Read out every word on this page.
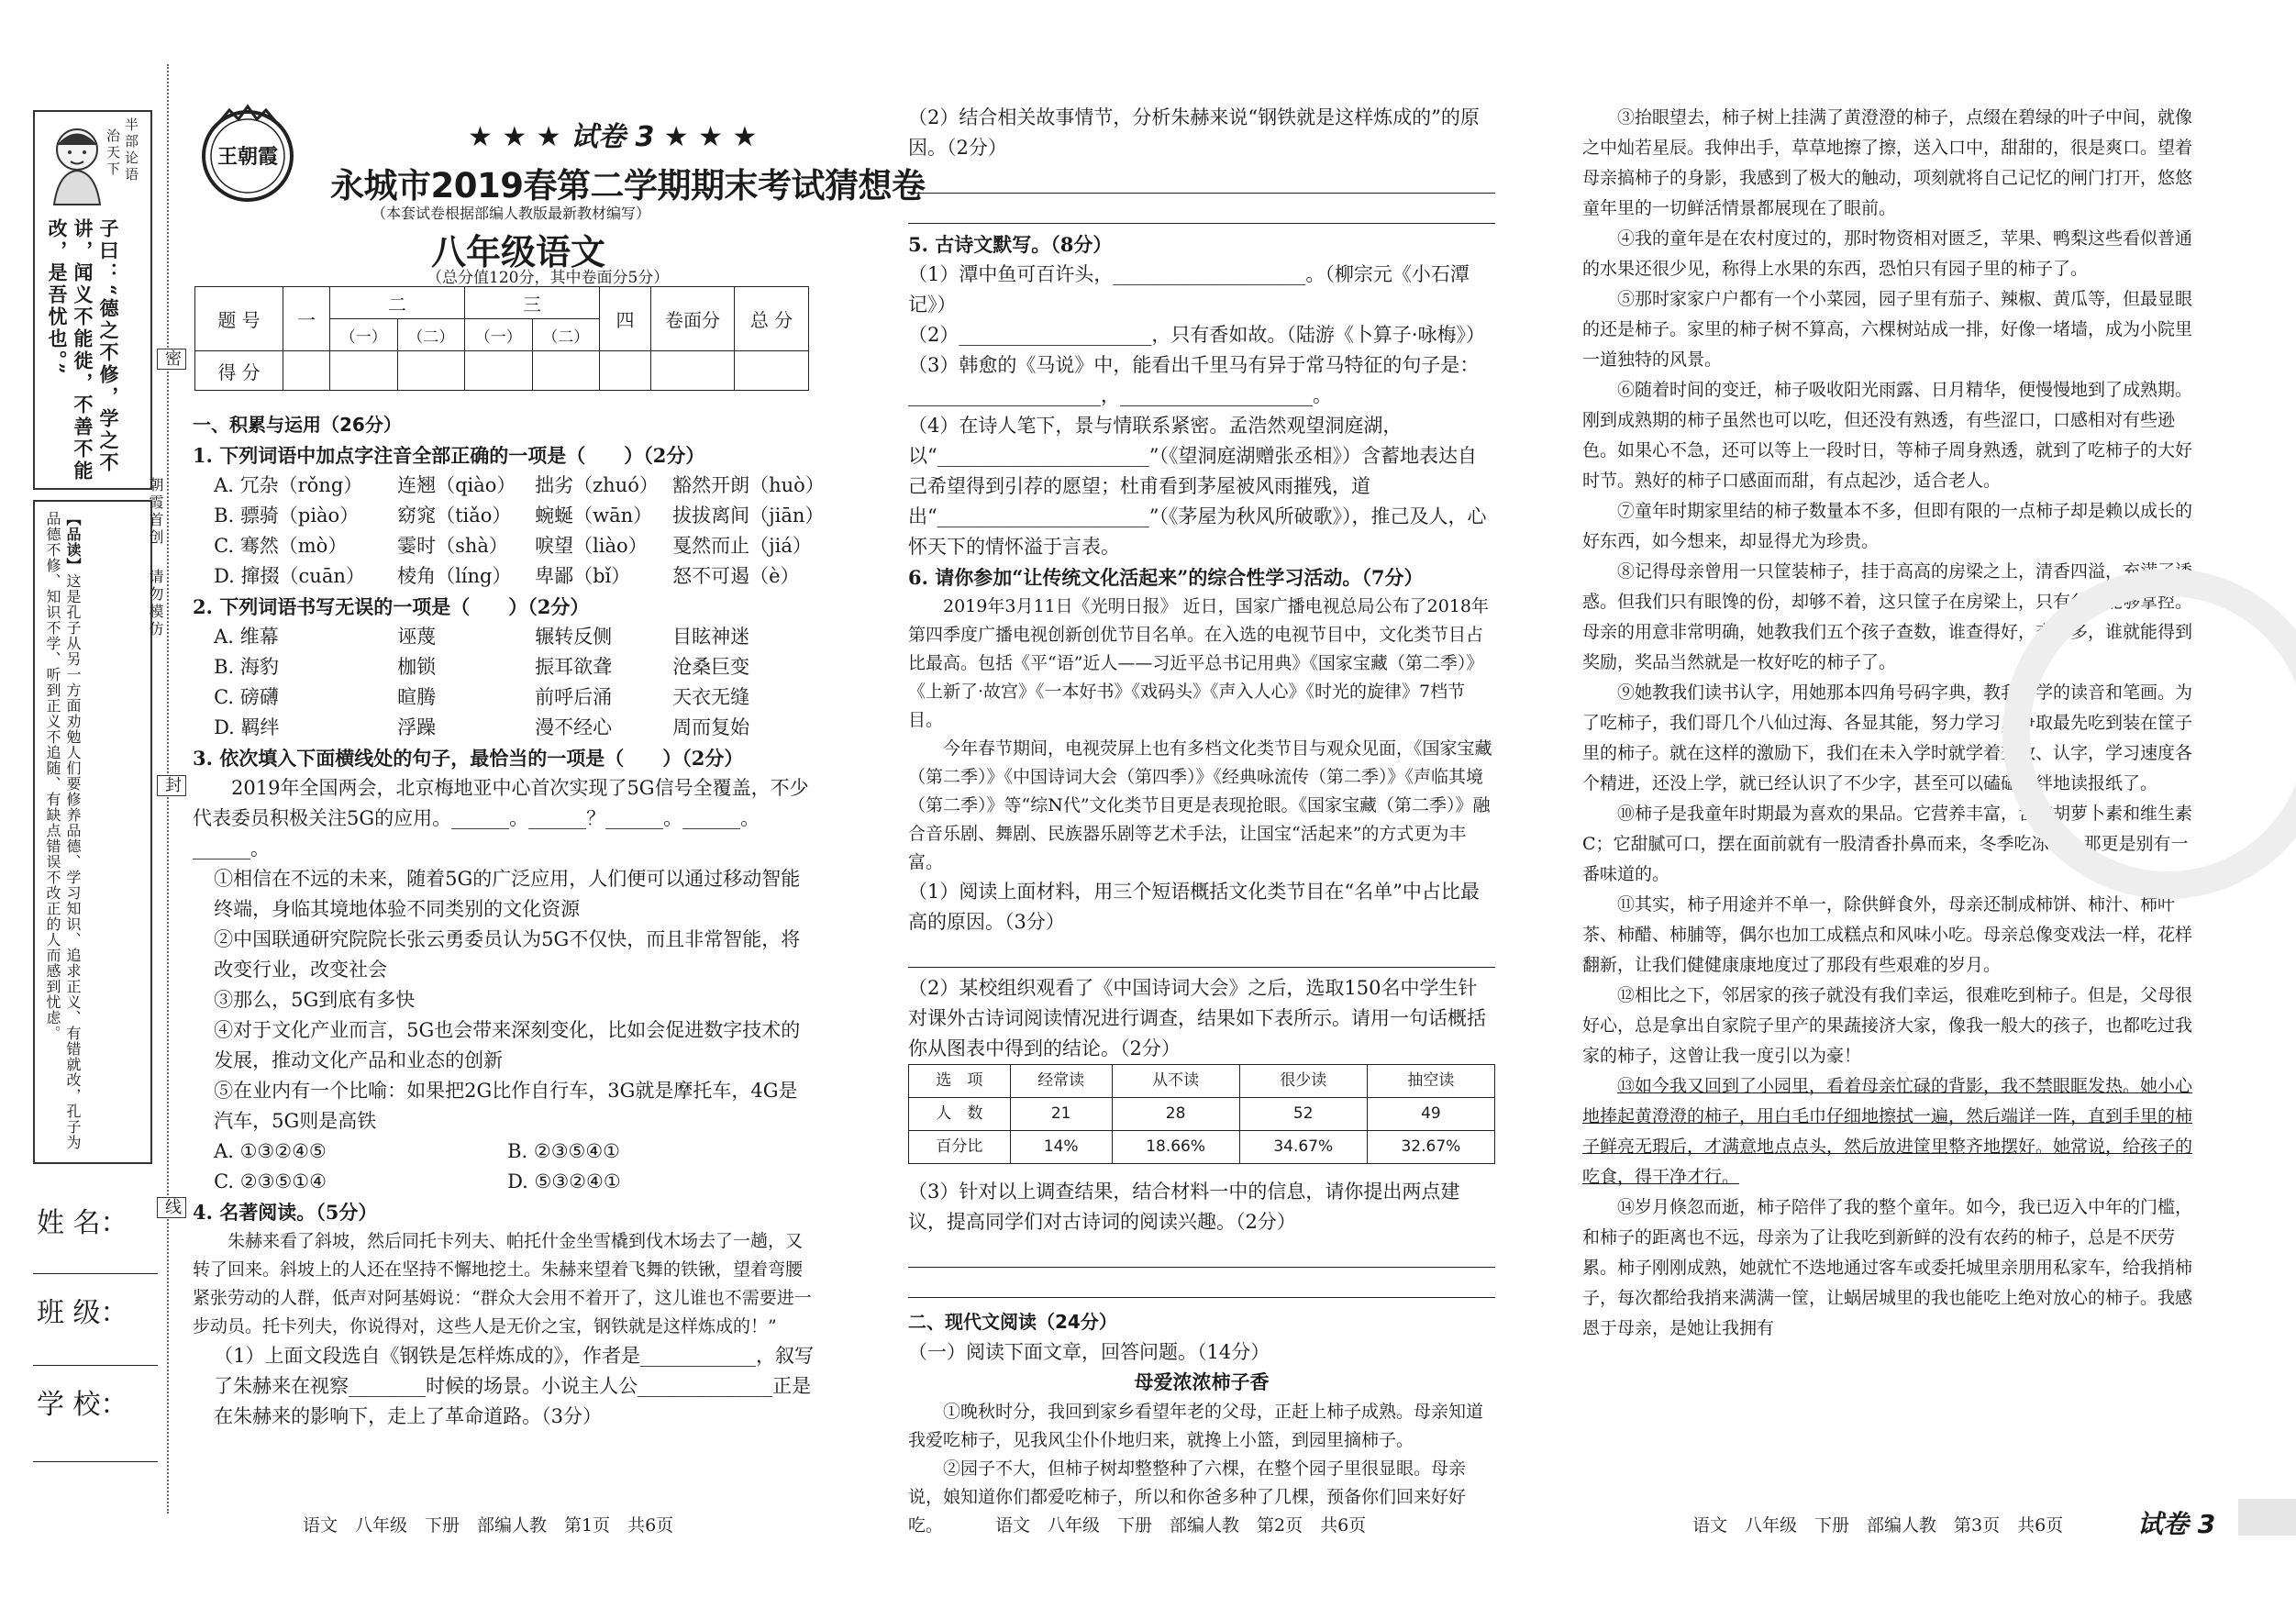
半部论语
治天下
子曰：“德之不修，学之不讲，闻义不能徙，不善不能改，是吾忧也。”
【品读】这是孔子从另一方面劝勉人们要修养品德、学习知识、追求正义、有错就改，孔子为品德不修、知识不学、听到正义不追随、有缺点错误不改正的人而感到忧虑。
密
朝霞首创
请勿模仿
封
线
姓 名：
班 级：
学 校：
王朝霞
★ ★ ★ 试卷 3 ★ ★ ★
永城市2019春第二学期期末考试猜想卷
（本套试卷根据部编人教版最新教材编写）
八年级语文
（总分值120分，其中卷面分5分）
题 号	一	二		三		四	卷面分	总 分
		（一）	（二）	（一）	（二）			
得 分								

一、积累与运用（26分）

1. 下列词语中加点字注音全部正确的一项是（　　）（2分）

A. 冗杂（rǒng）	连翘（qiào） 拙劣（zhuó） 豁然开朗（huò）
B. 骠骑（piào）	窈窕（tiǎo）	蜿蜒（wān）	拔拔离间（jiān）
C. 骞然（mò）	霎时（shà）	唳望（liào）	戛然而止（jiá）
D. 撺掇（cuān）	棱角（líng）	卑鄙（bǐ）	怒不可遏（è）

2. 下列词语书写无误的一项是（　　）（2分）

A. 维幕	诬蔑	辗转反侧	目眩神迷
B. 海豹	枷锁	振耳欲聋	沧桑巨变
C. 磅礴	暄腾	前呼后涌	天衣无缝
D. 羁绊	浮躁	漫不经心	周而复始

3. 依次填入下面横线处的句子，最恰当的一项是（　　）（2分）

2019年全国两会，北京梅地亚中心首次实现了5G信号全覆盖，不少代表委员积极关注5G的应用。______。______？______。______。______。

①相信在不远的未来，随着5G的广泛应用，人们便可以通过移动智能终端，身临其境地体验不同类别的文化资源

②中国联通研究院院长张云勇委员认为5G不仅快，而且非常智能，将改变行业，改变社会

③那么，5G到底有多快

④对于文化产业而言，5G也会带来深刻变化，比如会促进数字技术的发展，推动文化产品和业态的创新

⑤在业内有一个比喻：如果把2G比作自行车，3G就是摩托车，4G是汽车，5G则是高铁

A. ①③②④⑤	B. ②③⑤④①
C. ②③⑤①④	D. ⑤③②④①

4. 名著阅读。（5分）

朱赫来看了斜坡，然后同托卡列夫、帕托什金坐雪橇到伐木场去了一趟，又转了回来。斜坡上的人还在坚持不懈地挖土。朱赫来望着飞舞的铁锹，望着弯腰紧张劳动的人群，低声对阿基姆说：“群众大会用不着开了，这儿谁也不需要进一步动员。托卡列夫，你说得对，这些人是无价之宝，钢铁就是这样炼成的！”

（1）上面文段选自《钢铁是怎样炼成的》，作者是____________，叙写了朱赫来在视察________时候的场景。小说主人公______________正是在朱赫来的影响下，走上了革命道路。（3分）

语文　八年级　下册　部编人教　第1页　共6页

（2）结合相关故事情节，分析朱赫来说“钢铁就是这样炼成的”的原因。（2分）

5. 古诗文默写。（8分）

（1）潭中鱼可百许头，____________________。（柳宗元《小石潭记》）

（2）____________________，只有香如故。（陆游《卜算子·咏梅》）

（3）韩愈的《马说》中，能看出千里马有异于常马特征的句子是：____________________，____________________。

（4）在诗人笔下，景与情联系紧密。孟浩然观望洞庭湖，以“______________________”（《望洞庭湖赠张丞相》）含蓄地表达自己希望得到引荐的愿望；杜甫看到茅屋被风雨摧残，道出“______________________”（《茅屋为秋风所破歌》），推己及人，心怀天下的情怀溢于言表。

6. 请你参加“让传统文化活起来”的综合性学习活动。（7分）

2019年3月11日《光明日报》 近日，国家广播电视总局公布了2018年第四季度广播电视创新创优节目名单。在入选的电视节目中，文化类节目占比最高。包括《平“语”近人——习近平总书记用典》《国家宝藏（第二季）》《上新了·故宫》《一本好书》《戏码头》《声入人心》《时光的旋律》7档节目。

今年春节期间，电视荧屏上也有多档文化类节目与观众见面，《国家宝藏（第二季）》《中国诗词大会（第四季）》《经典咏流传（第二季）》《声临其境（第二季）》等“综N代”文化类节目更是表现抢眼。《国家宝藏（第二季）》融合音乐剧、舞剧、民族器乐剧等艺术手法，让国宝“活起来”的方式更为丰富。

（1）阅读上面材料，用三个短语概括文化类节目在“名单”中占比最高的原因。（3分）

（2）某校组织观看了《中国诗词大会》之后，选取150名中学生针对课外古诗词阅读情况进行调查，结果如下表所示。请用一句话概括你从图表中得到的结论。（2分）

选　项	经常读	从不读	很少读	抽空读
人　数	21	28	52	49
百分比	14%	18.66%	34.67%	32.67%

（3）针对以上调查结果，结合材料一中的信息，请你提出两点建议，提高同学们对古诗词的阅读兴趣。（2分）

二、现代文阅读（24分）

（一）阅读下面文章，回答问题。（14分）

母爱浓浓柿子香

①晚秋时分，我回到家乡看望年老的父母，正赶上柿子成熟。母亲知道我爱吃柿子，见我风尘仆仆地归来，就搀上小篮，到园里摘柿子。

②园子不大，但柿子树却整整种了六棵，在整个园子里很显眼。母亲说，娘知道你们都爱吃柿子，所以和你爸多种了几棵，预备你们回来好好吃。	语文　八年级　下册　部编人教　第2页　共6页

③抬眼望去，柿子树上挂满了黄澄澄的柿子，点缀在碧绿的叶子中间，就像之中灿若星辰。我伸出手，草草地擦了擦，送入口中，甜甜的，很是爽口。望着母亲搞柿子的身影，我感到了极大的触动，项刻就将自己记忆的闸门打开，悠悠童年里的一切鲜活情景都展现在了眼前。

④我的童年是在农村度过的，那时物资相对匮乏，苹果、鸭梨这些看似普通的水果还很少见，称得上水果的东西，恐怕只有园子里的柿子了。

⑤那时家家户户都有一个小菜园，园子里有茄子、辣椒、黄瓜等，但最显眼的还是柿子。家里的柿子树不算高，六棵树站成一排，好像一堵墙，成为小院里一道独特的风景。

⑥随着时间的变迁，柿子吸收阳光雨露、日月精华，便慢慢地到了成熟期。刚到成熟期的柿子虽然也可以吃，但还没有熟透，有些涩口，口感相对有些逊色。如果心不急，还可以等上一段时日，等柿子周身熟透，就到了吃柿子的大好时节。熟好的柿子口感面而甜，有点起沙，适合老人。

⑦童年时期家里结的柿子数量本不多，但即有限的一点柿子却是赖以成长的好东西，如今想来，却显得尤为珍贵。

⑧记得母亲曾用一只筐装柿子，挂于高高的房梁之上，清香四溢，充满了诱惑。但我们只有眼馋的份，却够不着，这只筐子在房梁上，只有父母能够掌控。母亲的用意非常明确，她教我们五个孩子查数，谁查得好，查得多，谁就能得到奖励，奖品当然就是一枚好吃的柿子了。

⑨她教我们读书认字，用她那本四角号码字典，教我们学的读音和笔画。为了吃柿子，我们哥几个八仙过海、各显其能，努力学习，争取最先吃到装在筐子里的柿子。就在这样的激励下，我们在未入学时就学着查数、认字，学习速度各个精进，还没上学，就已经认识了不少字，甚至可以磕磕绊绊地读报纸了。

⑩柿子是我童年时期最为喜欢的果品。它营养丰富，含有胡萝卜素和维生素C；它甜腻可口，摆在面前就有一股清香扑鼻而来，冬季吃冻柿，那更是别有一番味道的。

⑪其实，柿子用途并不单一，除供鲜食外，母亲还制成柿饼、柿汁、柿叶茶、柿醋、柿脯等，偶尔也加工成糕点和风味小吃。母亲总像变戏法一样，花样翻新，让我们健健康康地度过了那段有些艰难的岁月。

⑫相比之下，邻居家的孩子就没有我们幸运，很难吃到柿子。但是，父母很好心，总是拿出自家院子里产的果蔬接济大家，像我一般大的孩子，也都吃过我家的柿子，这曾让我一度引以为豪！

⑬如今我又回到了小园里，看着母亲忙碌的背影，我不禁眼眶发热。她小心地捧起黄澄澄的柿子，用白毛巾仔细地擦拭一遍，然后端详一阵，直到手里的柿子鲜亮无瑕后，才满意地点点头，然后放进筐里整齐地摆好。她常说，给孩子的吃食，得干净才行。

⑭岁月倏忽而逝，柿子陪伴了我的整个童年。如今，我已迈入中年的门槛，和柿子的距离也不远，母亲为了让我吃到新鲜的没有农药的柿子，总是不厌劳累。柿子刚刚成熟，她就忙不迭地通过客车或委托城里亲朋用私家车，给我捎柿子，每次都给我捎来满满一筐，让蜗居城里的我也能吃上绝对放心的柿子。我感恩于母亲，是她让我拥有

语文　八年级　下册　部编人教　第3页　共6页	试卷 3
